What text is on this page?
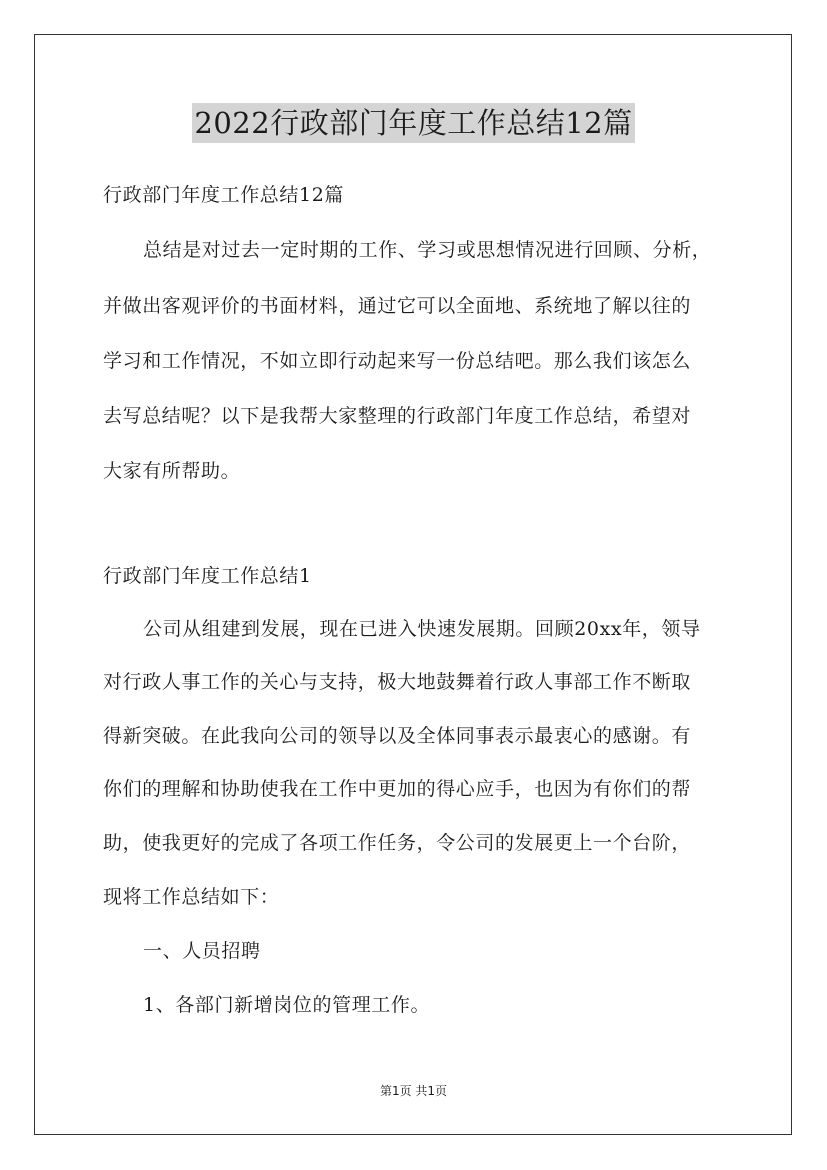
2022行政部门年度工作总结12篇
行政部门年度工作总结12篇
总结是对过去一定时期的工作、学习或思想情况进行回顾、分析，
并做出客观评价的书面材料，通过它可以全面地、系统地了解以往的
学习和工作情况，不如立即行动起来写一份总结吧。那么我们该怎么
去写总结呢？以下是我帮大家整理的行政部门年度工作总结，希望对
大家有所帮助。
行政部门年度工作总结1
公司从组建到发展，现在已进入快速发展期。回顾20xx年，领导
对行政人事工作的关心与支持，极大地鼓舞着行政人事部工作不断取
得新突破。在此我向公司的领导以及全体同事表示最衷心的感谢。有
你们的理解和协助使我在工作中更加的得心应手，也因为有你们的帮
助，使我更好的完成了各项工作任务，令公司的发展更上一个台阶，
现将工作总结如下：
一、人员招聘
1、各部门新增岗位的管理工作。
第1页 共1页
